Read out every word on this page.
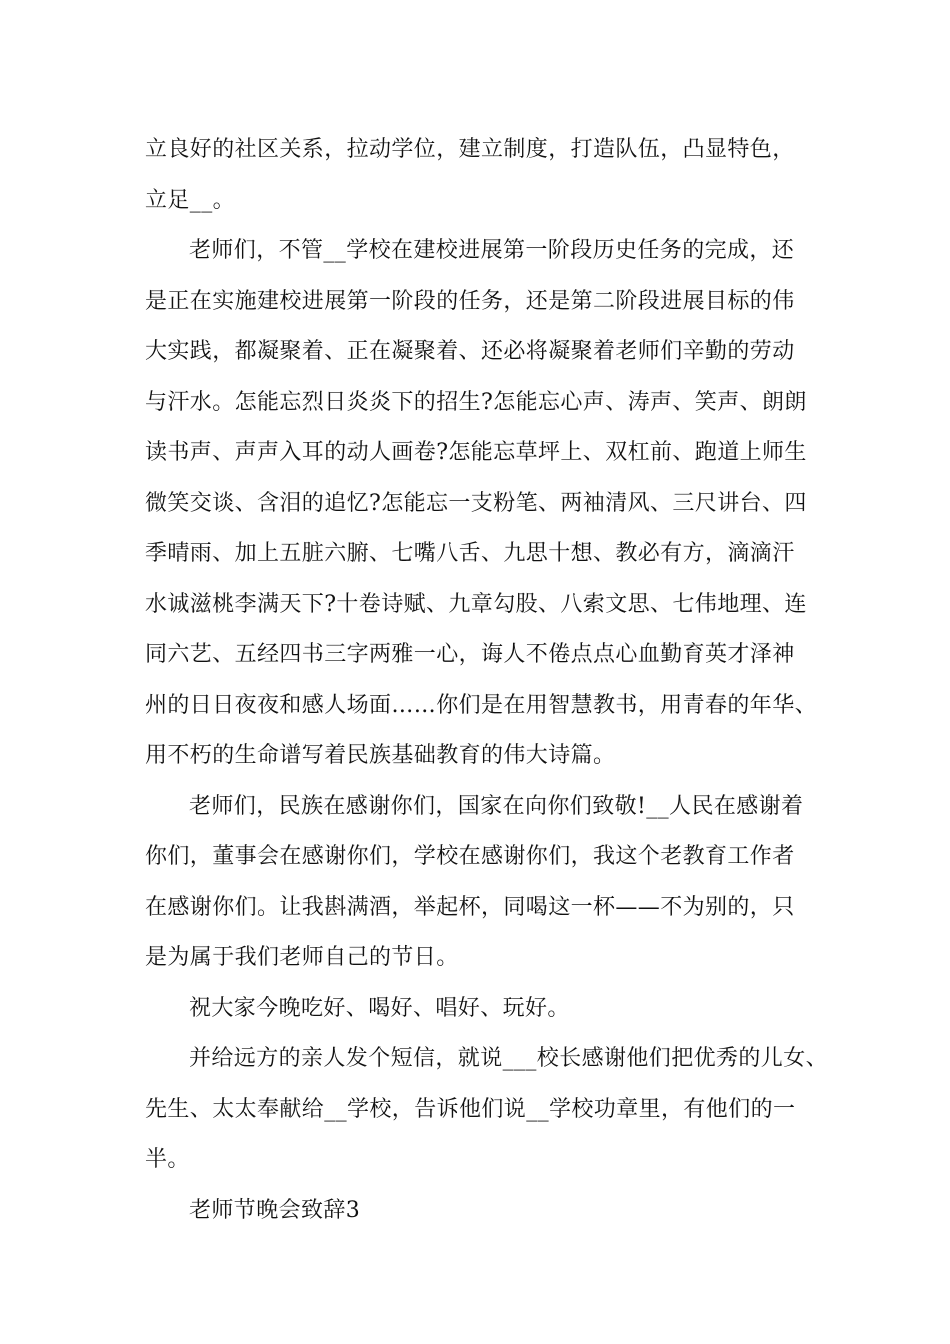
立良好的社区关系，拉动学位，建立制度，打造队伍，凸显特色，
立足__。
老师们，不管__学校在建校进展第一阶段历史任务的完成，还
是正在实施建校进展第一阶段的任务，还是第二阶段进展目标的伟
大实践，都凝聚着、正在凝聚着、还必将凝聚着老师们辛勤的劳动
与汗水。怎能忘烈日炎炎下的招生?怎能忘心声、涛声、笑声、朗朗
读书声、声声入耳的动人画卷?怎能忘草坪上、双杠前、跑道上师生
微笑交谈、含泪的追忆?怎能忘一支粉笔、两袖清风、三尺讲台、四
季晴雨、加上五脏六腑、七嘴八舌、九思十想、教必有方，滴滴汗
水诚滋桃李满天下?十卷诗赋、九章勾股、八索文思、七伟地理、连
同六艺、五经四书三字两雅一心，诲人不倦点点心血勤育英才泽神
州的日日夜夜和感人场面……你们是在用智慧教书，用青春的年华、
用不朽的生命谱写着民族基础教育的伟大诗篇。
老师们，民族在感谢你们，国家在向你们致敬!__人民在感谢着
你们，董事会在感谢你们，学校在感谢你们，我这个老教育工作者
在感谢你们。让我斟满酒，举起杯，同喝这一杯——不为别的，只
是为属于我们老师自己的节日。
祝大家今晚吃好、喝好、唱好、玩好。
并给远方的亲人发个短信，就说___校长感谢他们把优秀的儿女、
先生、太太奉献给__学校，告诉他们说__学校功章里，有他们的一
半。
老师节晚会致辞3
